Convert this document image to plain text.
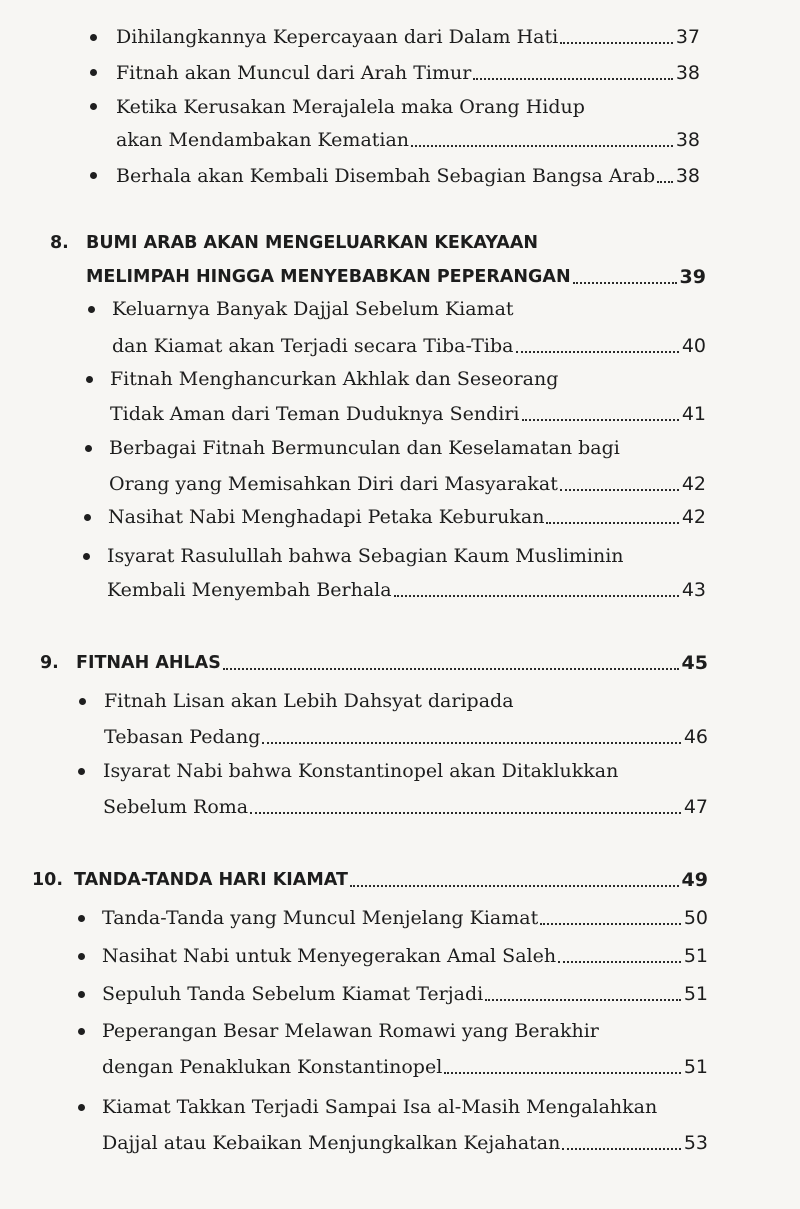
Dihilangkannya Kepercayaan dari Dalam Hati	37
Fitnah akan Muncul dari Arah Timur	38
Ketika Kerusakan Merajalela maka Orang Hidup
akan Mendambakan Kematian	38
Berhala akan Kembali Disembah Sebagian Bangsa Arab 38
8. BUMI ARAB AKAN MENGELUARKAN KEKAYAAN
MELIMPAH HINGGA MENYEBABKAN PEPERANGAN	39
Keluarnya Banyak Dajjal Sebelum Kiamat
dan Kiamat akan Terjadi secara Tiba-Tiba	40
Fitnah Menghancurkan Akhlak dan Seseorang
Tidak Aman dari Teman Duduknya Sendiri	41
Berbagai Fitnah Bermunculan dan Keselamatan bagi
Orang yang Memisahkan Diri dari Masyarakat	42
Nasihat Nabi Menghadapi Petaka Keburukan	42
Isyarat Rasulullah bahwa Sebagian Kaum Musliminin
Kembali Menyembah Berhala	43
9. FITNAH AHLAS	45
Fitnah Lisan akan Lebih Dahsyat daripada
Tebasan Pedang	46
Isyarat Nabi bahwa Konstantinopel akan Ditaklukkan
Sebelum Roma	47
10. TANDA-TANDA HARI KIAMAT	49
Tanda-Tanda yang Muncul Menjelang Kiamat	50
Nasihat Nabi untuk Menyegerakan Amal Saleh	51
Sepuluh Tanda Sebelum Kiamat Terjadi	51
Peperangan Besar Melawan Romawi yang Berakhir
dengan Penaklukan Konstantinopel	51
Kiamat Takkan Terjadi Sampai Isa al-Masih Mengalahkan
Dajjal atau Kebaikan Menjungkalkan Kejahatan	53
